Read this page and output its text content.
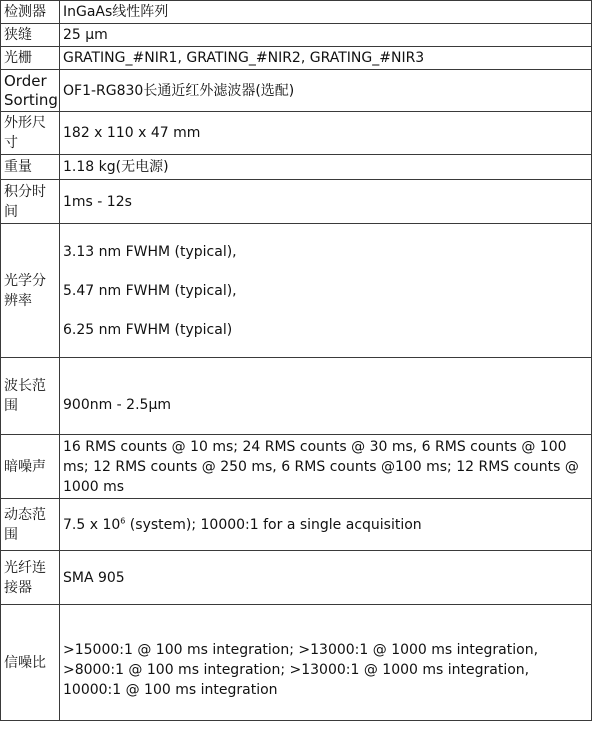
检测器	InGaAs线性阵列
狭缝	25 µm
光栅	GRATING_#NIR1, GRATING_#NIR2, GRATING_#NIR3
Order Sorting	OF1-RG830长通近红外滤波器(选配)
外形尺寸	182 x 110 x 47 mm
重量	1.18 kg(无电源)
积分时间	1ms - 12s
光学分辨率	3.13 nm FWHM (typical),
5.47 nm FWHM (typical),
6.25 nm FWHM (typical)

波长范围	900nm - 2.5µm
暗噪声	16 RMS counts @ 10 ms; 24 RMS counts @ 30 ms, 6 RMS counts @ 100 ms; 12 RMS counts @ 250 ms, 6 RMS counts @100 ms; 12 RMS counts @ 1000 ms
动态范围	7.5 x $10^6$ (system); 10000:1 for a single acquisition
光纤连接器	SMA 905
信噪比	>15000:1 @ 100 ms integration; >13000:1 @ 1000 ms integration, >8000:1 @ 100 ms integration; >13000:1 @ 1000 ms integration, 10000:1 @ 100 ms integration
